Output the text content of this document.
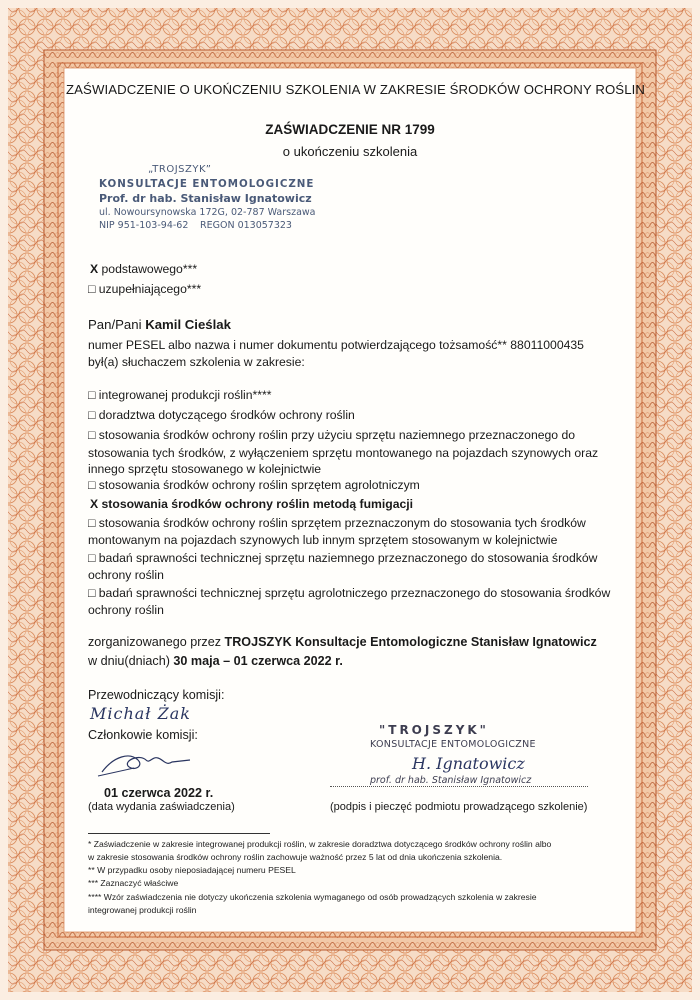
ZAŚWIADCZENIE O UKOŃCZENIU SZKOLENIA W ZAKRESIE ŚRODKÓW OCHRONY ROŚLIN
ZAŚWIADCZENIE NR 1799
o ukończeniu szkolenia
„TROJSZYK”
KONSULTACJE ENTOMOLOGICZNE
Prof. dr hab. Stanisław Ignatowicz
ul. Nowoursynowska 172G, 02-787 Warszawa
NIP 951-103-94-62 REGON 013057323
X podstawowego***
□ uzupełniającego***
Pan/Pani Kamil Cieślak
numer PESEL albo nazwa i numer dokumentu potwierdzającego tożsamość** 88011000435
był(a) słuchaczem szkolenia w zakresie:
□ integrowanej produkcji roślin****
□ doradztwa dotyczącego środków ochrony roślin
□ stosowania środków ochrony roślin przy użyciu sprzętu naziemnego przeznaczonego do
stosowania tych środków, z wyłączeniem sprzętu montowanego na pojazdach szynowych oraz
innego sprzętu stosowanego w kolejnictwie
□ stosowania środków ochrony roślin sprzętem agrolotniczym
X stosowania środków ochrony roślin metodą fumigacji
□ stosowania środków ochrony roślin sprzętem przeznaczonym do stosowania tych środków
montowanym na pojazdach szynowych lub innym sprzętem stosowanym w kolejnictwie
□ badań sprawności technicznej sprzętu naziemnego przeznaczonego do stosowania środków
ochrony roślin
□ badań sprawności technicznej sprzętu agrolotniczego przeznaczonego do stosowania środków
ochrony roślin
zorganizowanego przez TROJSZYK Konsultacje Entomologiczne Stanisław Ignatowicz
w dniu(dniach) 30 maja – 01 czerwca 2022 r.
Przewodniczący komisji:
Michał Żak
Członkowie komisji:
01 czerwca 2022 r.
(data wydania zaświadczenia)
"TROJSZYK"
KONSULTACJE ENTOMOLOGICZNE
H. Ignatowicz
prof. dr hab. Stanisław Ignatowicz
(podpis i pieczęć podmiotu prowadzącego szkolenie)
* Zaświadczenie w zakresie integrowanej produkcji roślin, w zakresie doradztwa dotyczącego środków ochrony roślin albo
w zakresie stosowania środków ochrony roślin zachowuje ważność przez 5 lat od dnia ukończenia szkolenia.
** W przypadku osoby nieposiadającej numeru PESEL
*** Zaznaczyć właściwe
**** Wzór zaświadczenia nie dotyczy ukończenia szkolenia wymaganego od osób prowadzących szkolenia w zakresie
integrowanej produkcji roślin
